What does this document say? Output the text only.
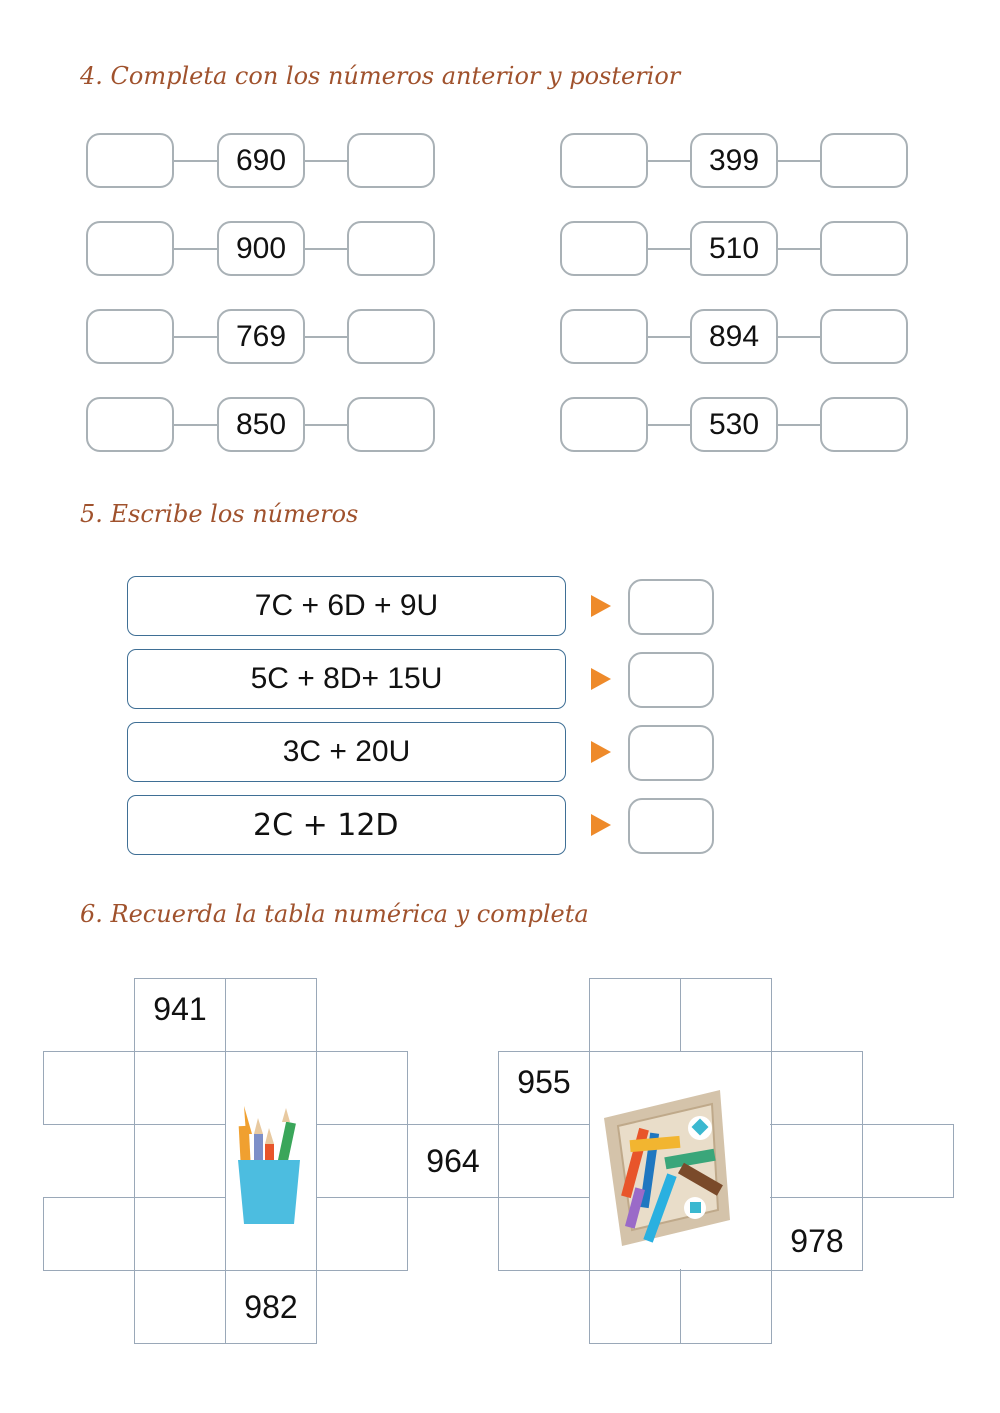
4. Completa con los números anterior y posterior
690
900
769
850
399
510
894
530
5. Escribe los números
7C + 6D + 9U
5C + 8D+ 15U
3C + 20U
2C + 12D
6. Recuerda la tabla numérica y completa
941
964
982
955
978
